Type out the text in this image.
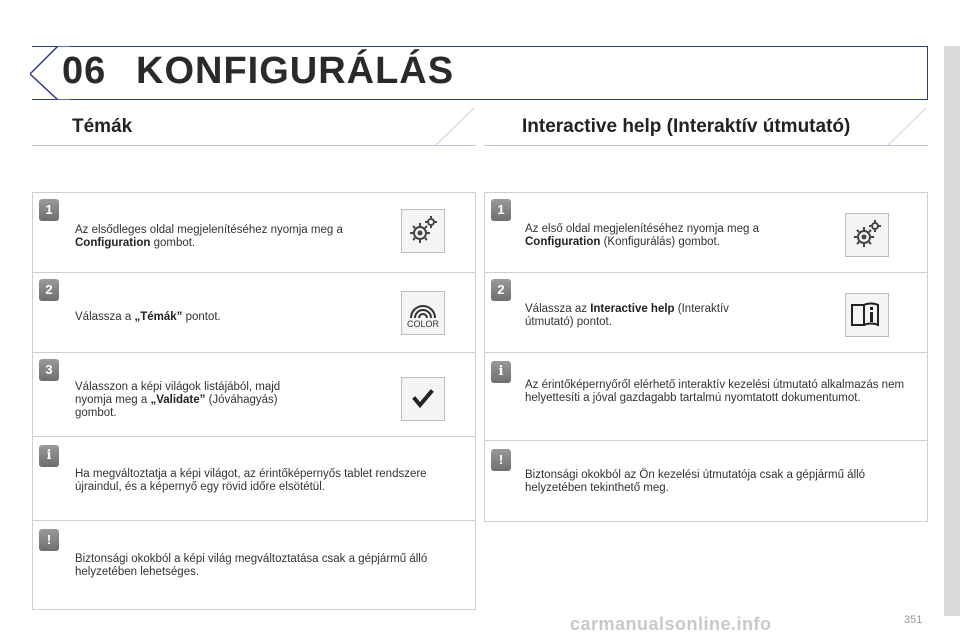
06 KONFIGURÁLÁS
Témák	Interactive help (Interaktív útmutató)
1
Az elsődleges oldal megjelenítéséhez nyomja meg a Configuration gombot.
2
Válassza a „Témák” pontot.
COLOR
3
Válasszon a képi világok listájából, majd nyomja meg a „Validate” (Jóváhagyás) gombot.
i
Ha megváltoztatja a képi világot, az érintőképernyős tablet rendszere újraindul, és a képernyő egy rövid időre elsötétül.
!
Biztonsági okokból a képi világ megváltoztatása csak a gépjármű álló helyzetében lehetséges.
1
Az első oldal megjelenítéséhez nyomja meg a Configuration (Konfigurálás) gombot.
2
Válassza az Interactive help (Interaktív útmutató) pontot.
i
Az érintőképernyőről elérhető interaktív kezelési útmutató alkalmazás nem helyettesíti a jóval gazdagabb tartalmú nyomtatott dokumentumot.
!
Biztonsági okokból az Ön kezelési útmutatója csak a gépjármű álló helyzetében tekinthető meg.
carmanualsonline.info	351
